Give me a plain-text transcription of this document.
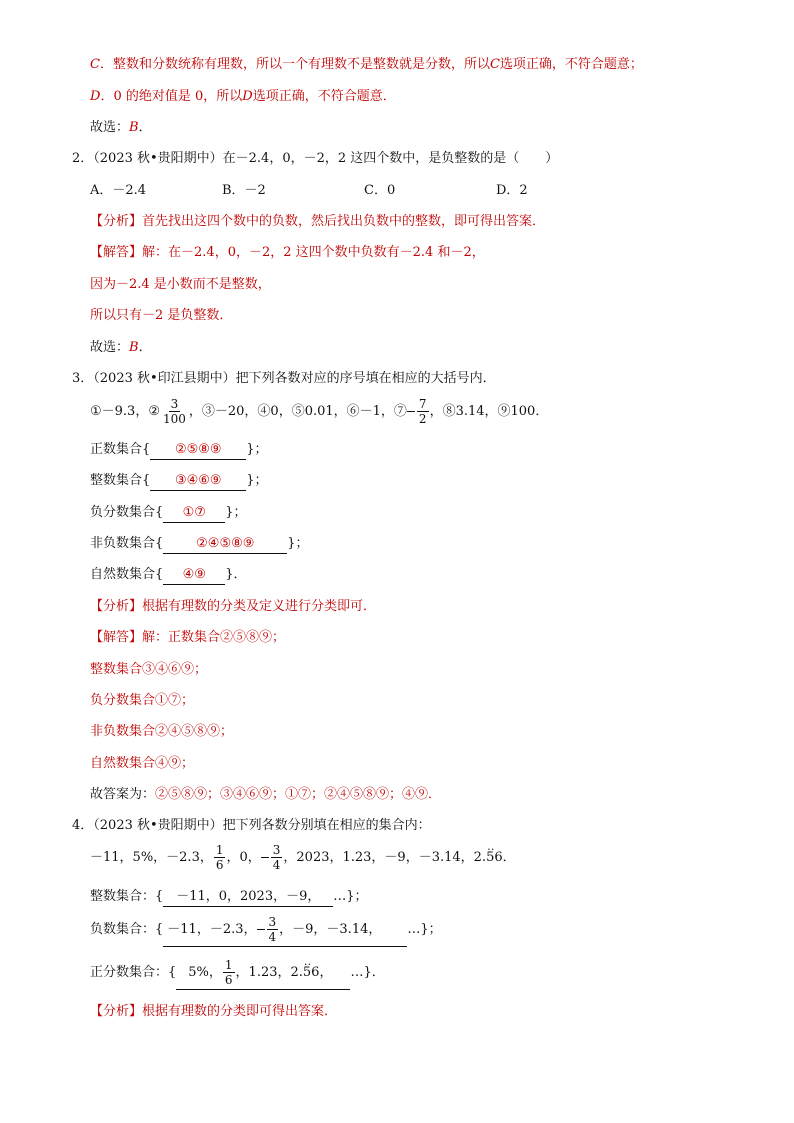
C．整数和分数统称有理数，所以一个有理数不是整数就是分数，所以C选项正确，不符合题意；
D．0 的绝对值是 0，所以D选项正确，不符合题意．
故选：B．
2．（2023 秋•贵阳期中）在－2.4，0，－2，2 这四个数中，是负整数的是（　　）
A．－2.4	B．－2	C．0	D．2
【分析】首先找出这四个数中的负数，然后找出负数中的整数，即可得出答案．
【解答】解：在－2.4，0，－2，2 这四个数中负数有－2.4 和－2，
因为－2.4 是小数而不是整数，
所以只有－2 是负整数．
故选：B．
3．（2023 秋•印江县期中）把下列各数对应的序号填在相应的大括号内．
①－9.3，② $\frac{3}{100}$ ，③－20，④0，⑤0.01，⑥－1，⑦ $\frac{7}{2}$ ，⑧3.14，⑨100．
正数集合{ ②⑤⑧⑨ }；
整数集合{ ③④⑥⑨ }；
负分数集合{ ①⑦ }；
非负数集合{	②④⑤⑧⑨	}；
自然数集合{ ④⑨ }．
【分析】根据有理数的分类及定义进行分类即可．
【解答】解：正数集合②⑤⑧⑨；
整数集合③④⑥⑨；
负分数集合①⑦；
非负数集合②④⑤⑧⑨；
自然数集合④⑨；
故答案为：②⑤⑧⑨；③④⑥⑨；①⑦；②④⑤⑧⑨；④⑨．
4．（2023 秋•贵阳期中）把下列各数分别填在相应的集合内：
－11，5%，－2.3， $\frac{1}{6}$ ，0， $\frac{3}{4}$ ，2023，1.23，－9，－3.14，2.‥ 56．
整数集合：{ －11，0，2023，－9， …}；
负数集合：{ －11，－2.3， $\frac{3}{4}$ ，－9，－3.14， …}；
正分数集合：{ 5%， $\frac{1}{6}$ ，1.23，2.‥ 56， …}．
【分析】根据有理数的分类即可得出答案．
